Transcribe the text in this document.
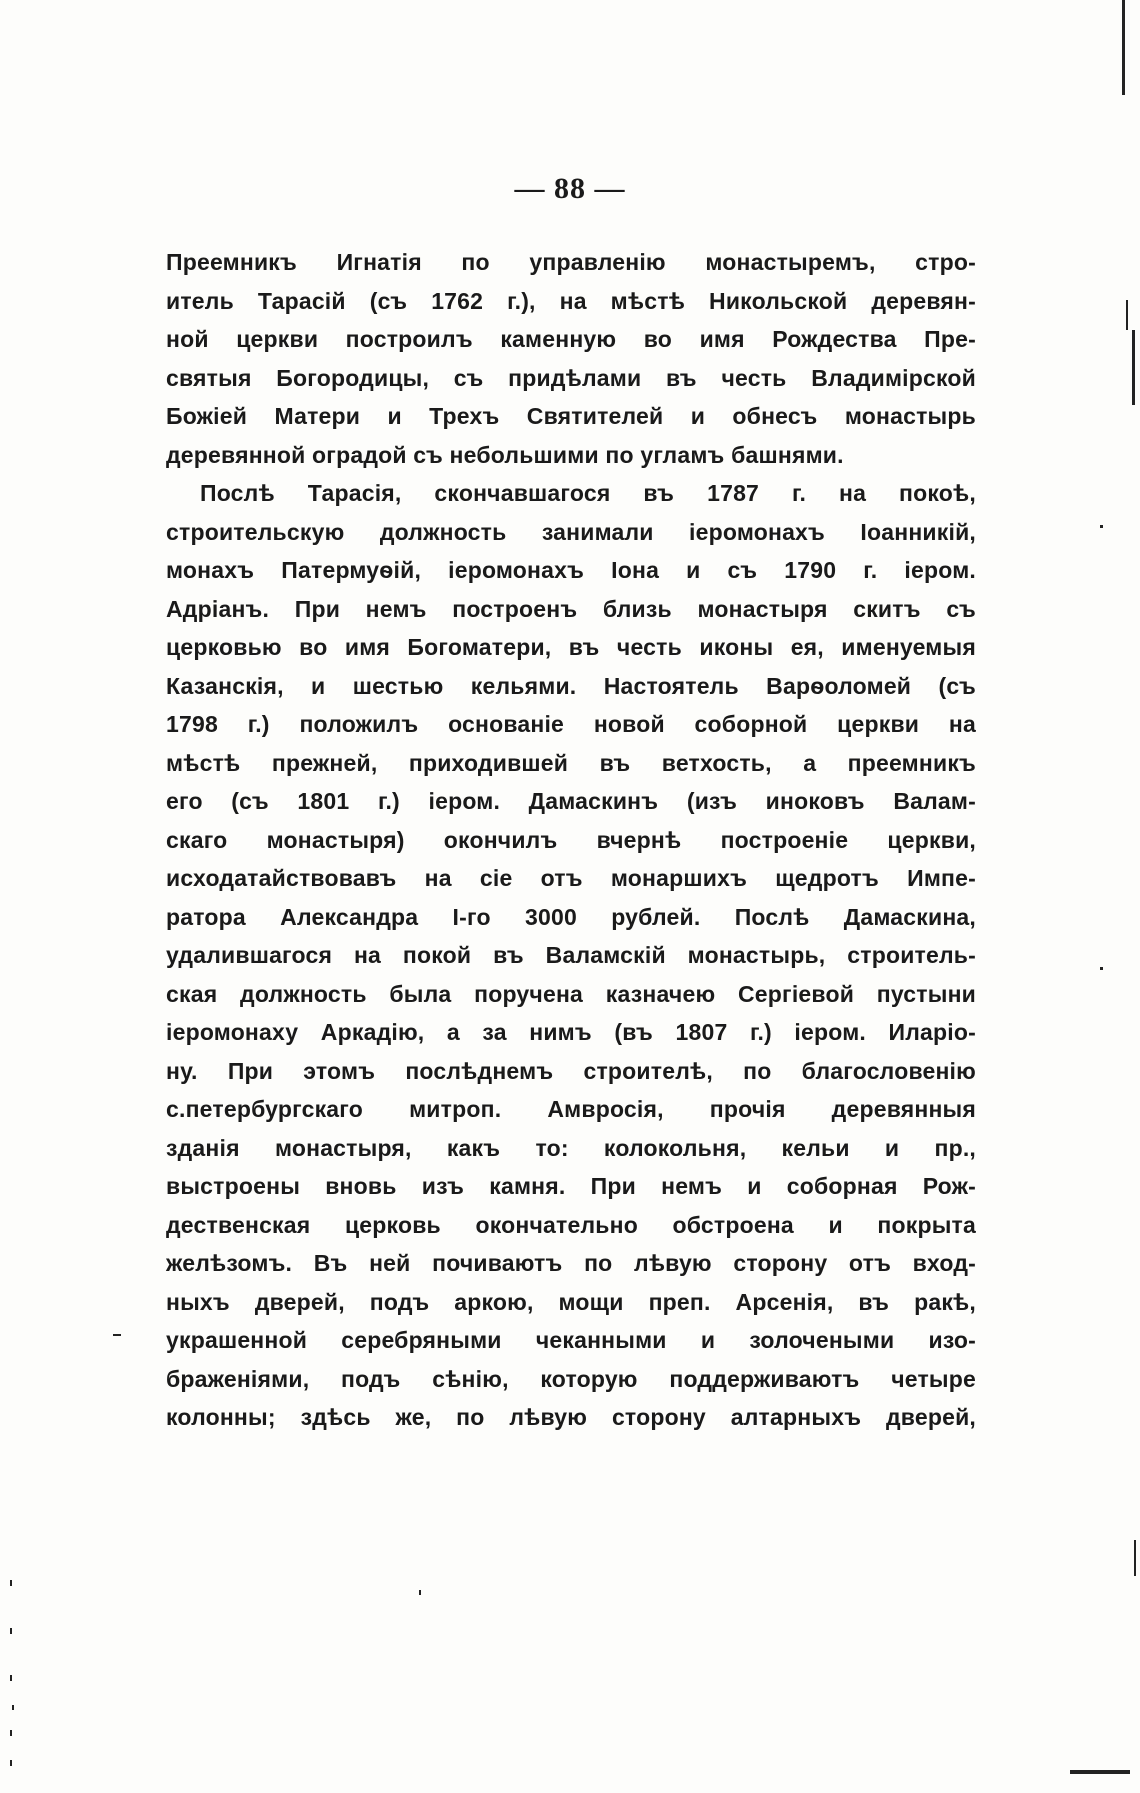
— 88 —
Преемникъ Игнатія по управленію монастыремъ, стро-
итель Тарасій (съ 1762 г.), на мѣстѣ Никольской деревян-
ной церкви построилъ каменную во имя Рождества Пре-
святыя Богородицы, съ придѣлами въ честь Владимірской
Божіей Матери и Трехъ Святителей и обнесъ монастырь
деревянной оградой съ небольшими по угламъ башнями.
Послѣ Тарасія, скончавшагося въ 1787 г. на покоѣ,
строительскую должность занимали іеромонахъ Іоанникій,
монахъ Патермуѳій, іеромонахъ Іона и съ 1790 г. іером.
Адріанъ. При немъ построенъ близь монастыря скитъ съ
церковью во имя Богоматери, въ честь иконы ея, именуемыя
Казанскія, и шестью кельями. Настоятель Варѳоломей (съ
1798 г.) положилъ основаніе новой соборной церкви на
мѣстѣ прежней, приходившей въ ветхость, а преемникъ
его (съ 1801 г.) іером. Дамаскинъ (изъ иноковъ Валам-
скаго монастыря) окончилъ вчернѣ построеніе церкви,
исходатайствовавъ на сіе отъ монаршихъ щедротъ Импе-
ратора Александра I-го 3000 рублей. Послѣ Дамаскина,
удалившагося на покой въ Валамскій монастырь, строитель-
ская должность была поручена казначею Сергіевой пустыни
іеромонаху Аркадію, а за нимъ (въ 1807 г.) іером. Иларіо-
ну. При этомъ послѣднемъ строителѣ, по благословенію
с.петербургскаго митроп. Амвросія, прочія деревянныя
зданія монастыря, какъ то: колокольня, кельи и пр.,
выстроены вновь изъ камня. При немъ и соборная Рож-
дественская церковь окончательно обстроена и покрыта
желѣзомъ. Въ ней почиваютъ по лѣвую сторону отъ вход-
ныхъ дверей, подъ аркою, мощи преп. Арсенія, въ ракѣ,
украшенной серебряными чеканными и золочеными изо-
браженіями, подъ сѣнію, которую поддерживаютъ четыре
колонны; здѣсь же, по лѣвую сторону алтарныхъ дверей,
